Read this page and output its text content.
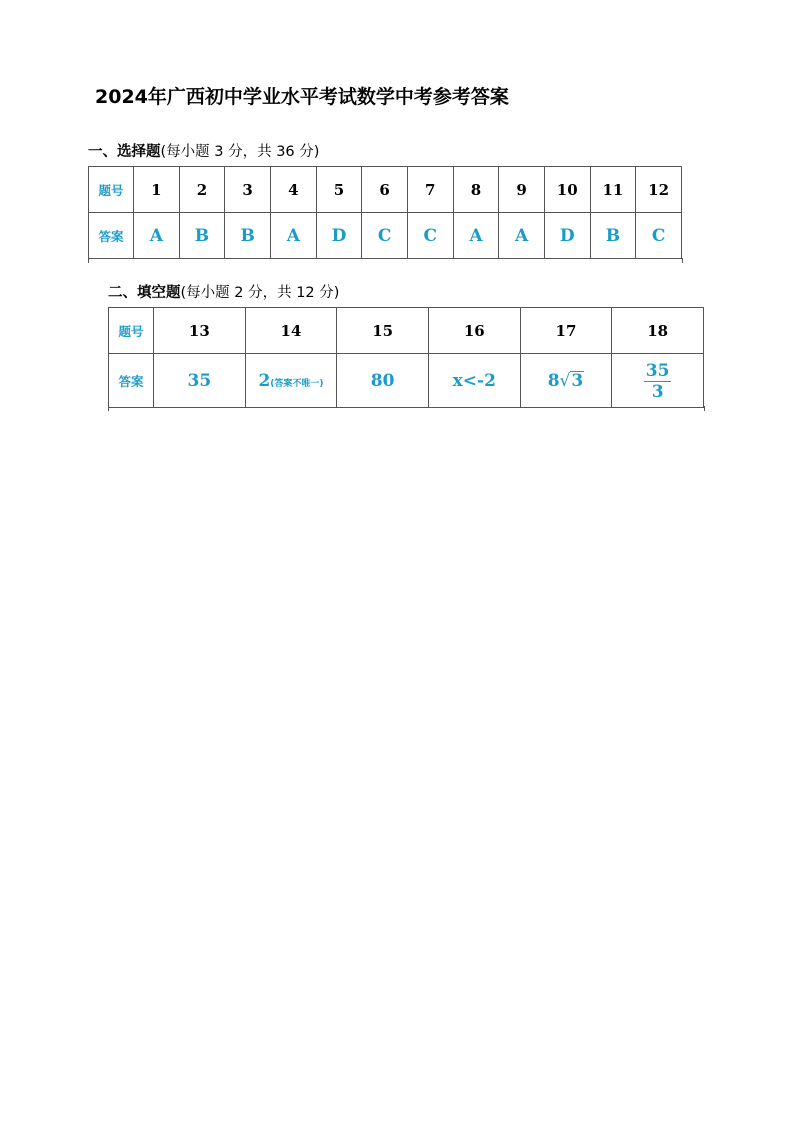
2024年广西初中学业水平考试数学中考参考答案
一、选择题(每小题 3 分，共 36 分)
题号	1	2	3	4	5	6	7	8	9	10	11	12
答案	A	B	B	A	D	C	C	A	A	D	B	C
二、填空题(每小题 2 分，共 12 分)
题号	13	14	15	16	17	18
答案	35	2(答案不唯一)	80	x<-2	8√3	$\frac{35}{3}$
